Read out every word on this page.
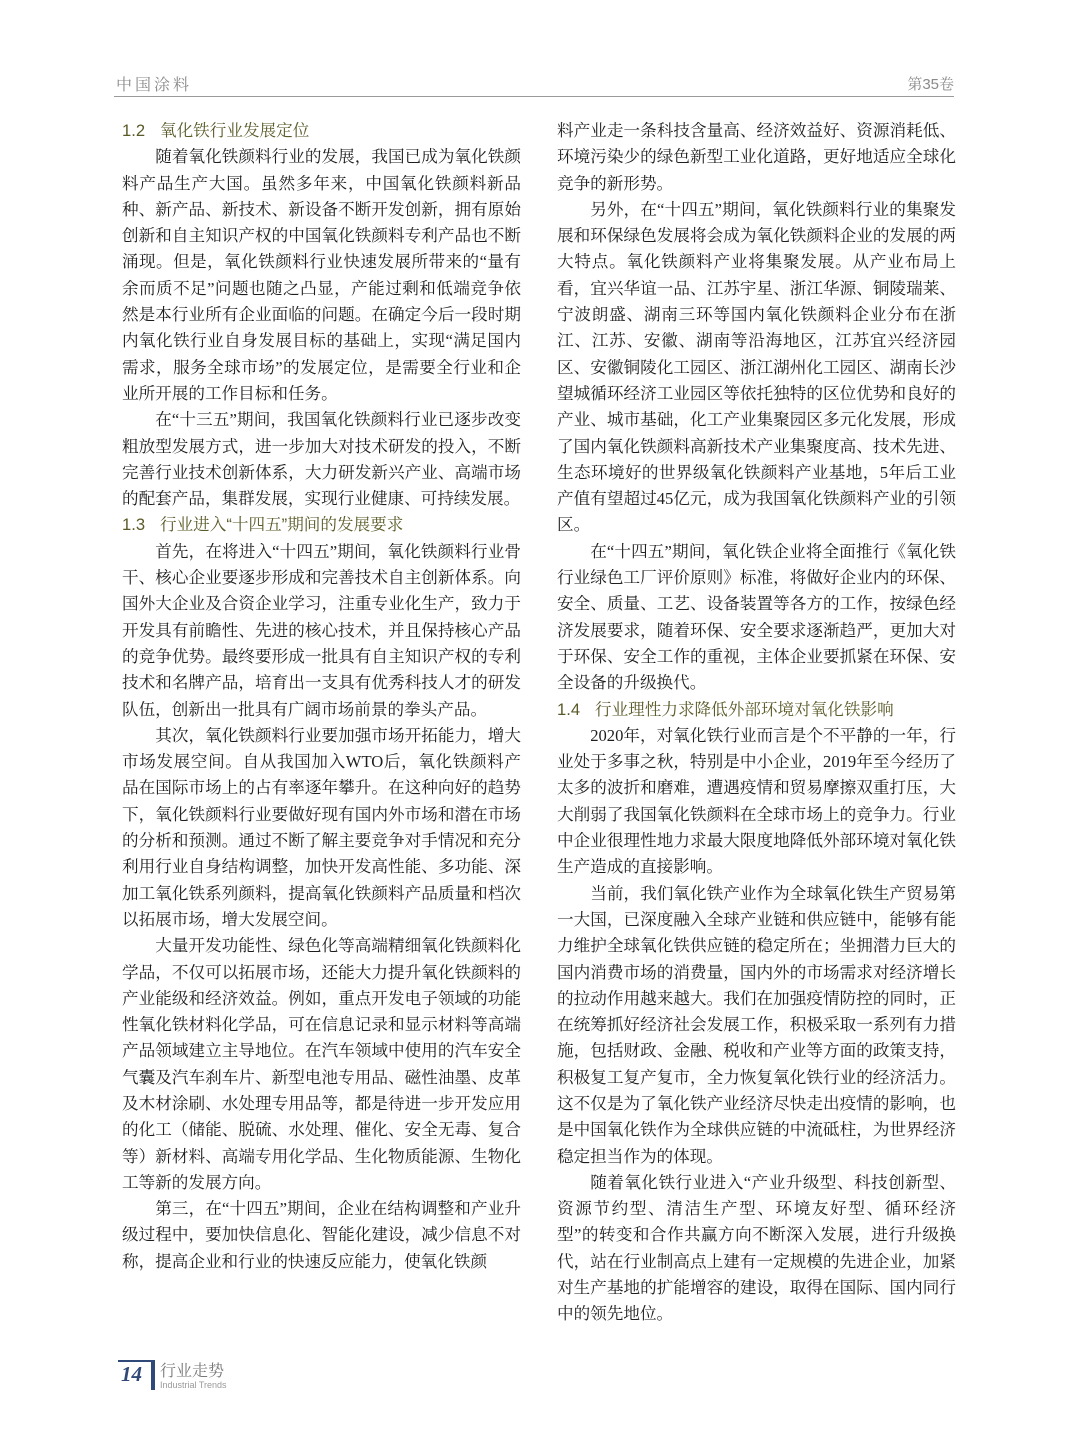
中国涂料	第35卷
1.2 氧化铁行业发展定位

随着氧化铁颜料行业的发展，我国已成为氧化铁颜料产品生产大国。虽然多年来，中国氧化铁颜料新品种、新产品、新技术、新设备不断开发创新，拥有原始创新和自主知识产权的中国氧化铁颜料专利产品也不断涌现。但是，氧化铁颜料行业快速发展所带来的“量有余而质不足”问题也随之凸显，产能过剩和低端竞争依然是本行业所有企业面临的问题。在确定今后一段时期内氧化铁行业自身发展目标的基础上，实现“满足国内需求，服务全球市场”的发展定位，是需要全行业和企业所开展的工作目标和任务。

在“十三五”期间，我国氧化铁颜料行业已逐步改变粗放型发展方式，进一步加大对技术研发的投入，不断完善行业技术创新体系，大力研发新兴产业、高端市场的配套产品，集群发展，实现行业健康、可持续发展。

1.3 行业进入“十四五”期间的发展要求

首先，在将进入“十四五”期间，氧化铁颜料行业骨干、核心企业要逐步形成和完善技术自主创新体系。向国外大企业及合资企业学习，注重专业化生产，致力于开发具有前瞻性、先进的核心技术，并且保持核心产品的竞争优势。最终要形成一批具有自主知识产权的专利技术和名牌产品，培育出一支具有优秀科技人才的研发队伍，创新出一批具有广阔市场前景的拳头产品。

其次，氧化铁颜料行业要加强市场开拓能力，增大市场发展空间。自从我国加入WTO后，氧化铁颜料产品在国际市场上的占有率逐年攀升。在这种向好的趋势下，氧化铁颜料行业要做好现有国内外市场和潜在市场的分析和预测。通过不断了解主要竞争对手情况和充分利用行业自身结构调整，加快开发高性能、多功能、深加工氧化铁系列颜料，提高氧化铁颜料产品质量和档次以拓展市场，增大发展空间。

大量开发功能性、绿色化等高端精细氧化铁颜料化学品，不仅可以拓展市场，还能大力提升氧化铁颜料的产业能级和经济效益。例如，重点开发电子领域的功能性氧化铁材料化学品，可在信息记录和显示材料等高端产品领域建立主导地位。在汽车领域中使用的汽车安全气囊及汽车刹车片、新型电池专用品、磁性油墨、皮革及木材涂刷、水处理专用品等，都是待进一步开发应用的化工（储能、脱硫、水处理、催化、安全无毒、复合等）新材料、高端专用化学品、生化物质能源、生物化工等新的发展方向。

第三，在“十四五”期间，企业在结构调整和产业升级过程中，要加快信息化、智能化建设，减少信息不对称，提高企业和行业的快速反应能力，使氧化铁颜

料产业走一条科技含量高、经济效益好、资源消耗低、环境污染少的绿色新型工业化道路，更好地适应全球化竞争的新形势。

另外，在“十四五”期间，氧化铁颜料行业的集聚发展和环保绿色发展将会成为氧化铁颜料企业的发展的两大特点。氧化铁颜料产业将集聚发展。从产业布局上看，宜兴华谊一品、江苏宇星、浙江华源、铜陵瑞莱、宁波朗盛、湖南三环等国内氧化铁颜料企业分布在浙江、江苏、安徽、湖南等沿海地区，江苏宜兴经济园区、安徽铜陵化工园区、浙江湖州化工园区、湖南长沙望城循环经济工业园区等依托独特的区位优势和良好的产业、城市基础，化工产业集聚园区多元化发展，形成了国内氧化铁颜料高新技术产业集聚度高、技术先进、生态环境好的世界级氧化铁颜料产业基地，5年后工业产值有望超过45亿元，成为我国氧化铁颜料产业的引领区。

在“十四五”期间，氧化铁企业将全面推行《氧化铁行业绿色工厂评价原则》标准，将做好企业内的环保、安全、质量、工艺、设备装置等各方的工作，按绿色经济发展要求，随着环保、安全要求逐渐趋严，更加大对于环保、安全工作的重视，主体企业要抓紧在环保、安全设备的升级换代。

1.4 行业理性力求降低外部环境对氧化铁影响

2020年，对氧化铁行业而言是个不平静的一年，行业处于多事之秋，特别是中小企业，2019年至今经历了太多的波折和磨难，遭遇疫情和贸易摩擦双重打压，大大削弱了我国氧化铁颜料在全球市场上的竞争力。行业中企业很理性地力求最大限度地降低外部环境对氧化铁生产造成的直接影响。

当前，我们氧化铁产业作为全球氧化铁生产贸易第一大国，已深度融入全球产业链和供应链中，能够有能力维护全球氧化铁供应链的稳定所在；坐拥潜力巨大的国内消费市场的消费量，国内外的市场需求对经济增长的拉动作用越来越大。我们在加强疫情防控的同时，正在统筹抓好经济社会发展工作，积极采取一系列有力措施，包括财政、金融、税收和产业等方面的政策支持，积极复工复产复市，全力恢复氧化铁行业的经济活力。这不仅是为了氧化铁产业经济尽快走出疫情的影响，也是中国氧化铁作为全球供应链的中流砥柱，为世界经济稳定担当作为的体现。

随着氧化铁行业进入“产业升级型、科技创新型、资源节约型、清洁生产型、环境友好型、循环经济型”的转变和合作共赢方向不断深入发展，进行升级换代，站在行业制高点上建有一定规模的先进企业，加紧对生产基地的扩能增容的建设，取得在国际、国内同行中的领先地位。

14 行业走势
Industrial Trends
